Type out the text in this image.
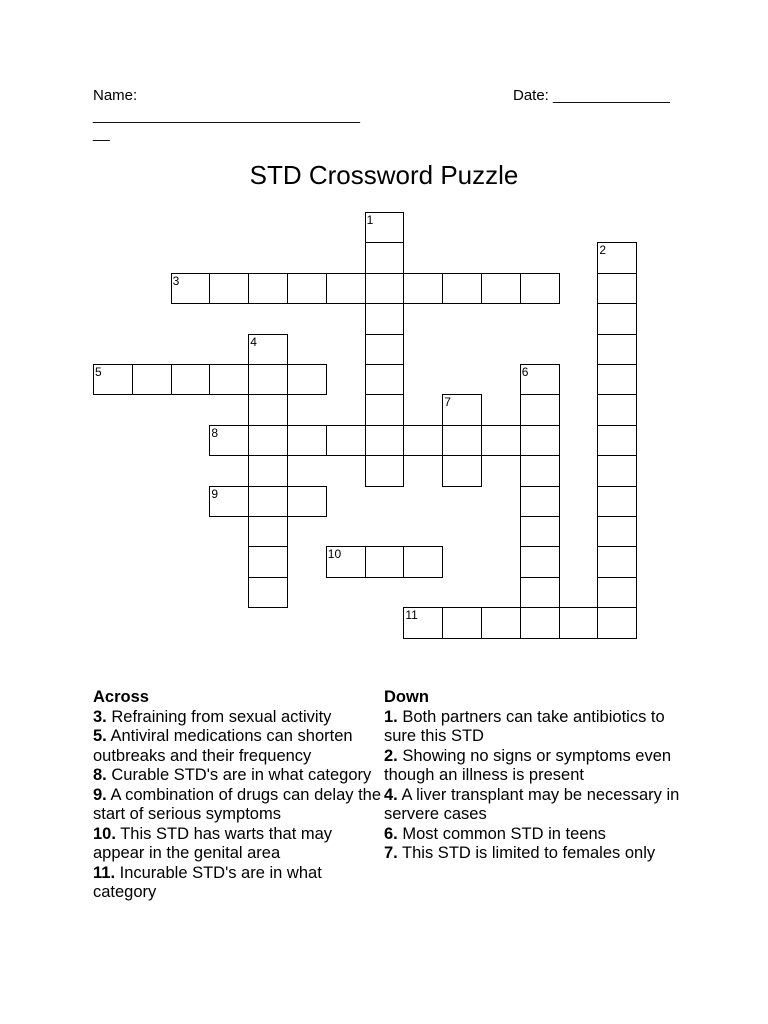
Name:	Date: ______________
________________________________
__
STD Crossword Puzzle
1
2
3
4
5	6
7
8
9
10
11
Across
3. Refraining from sexual activity
5. Antiviral medications can shorten outbreaks and their frequency
8. Curable STD's are in what category
9. A combination of drugs can delay the start of serious symptoms
10. This STD has warts that may appear in the genital area
11. Incurable STD's are in what category
Down
1. Both partners can take antibiotics to sure this STD
2. Showing no signs or symptoms even though an illness is present
4. A liver transplant may be necessary in servere cases
6. Most common STD in teens
7. This STD is limited to females only
